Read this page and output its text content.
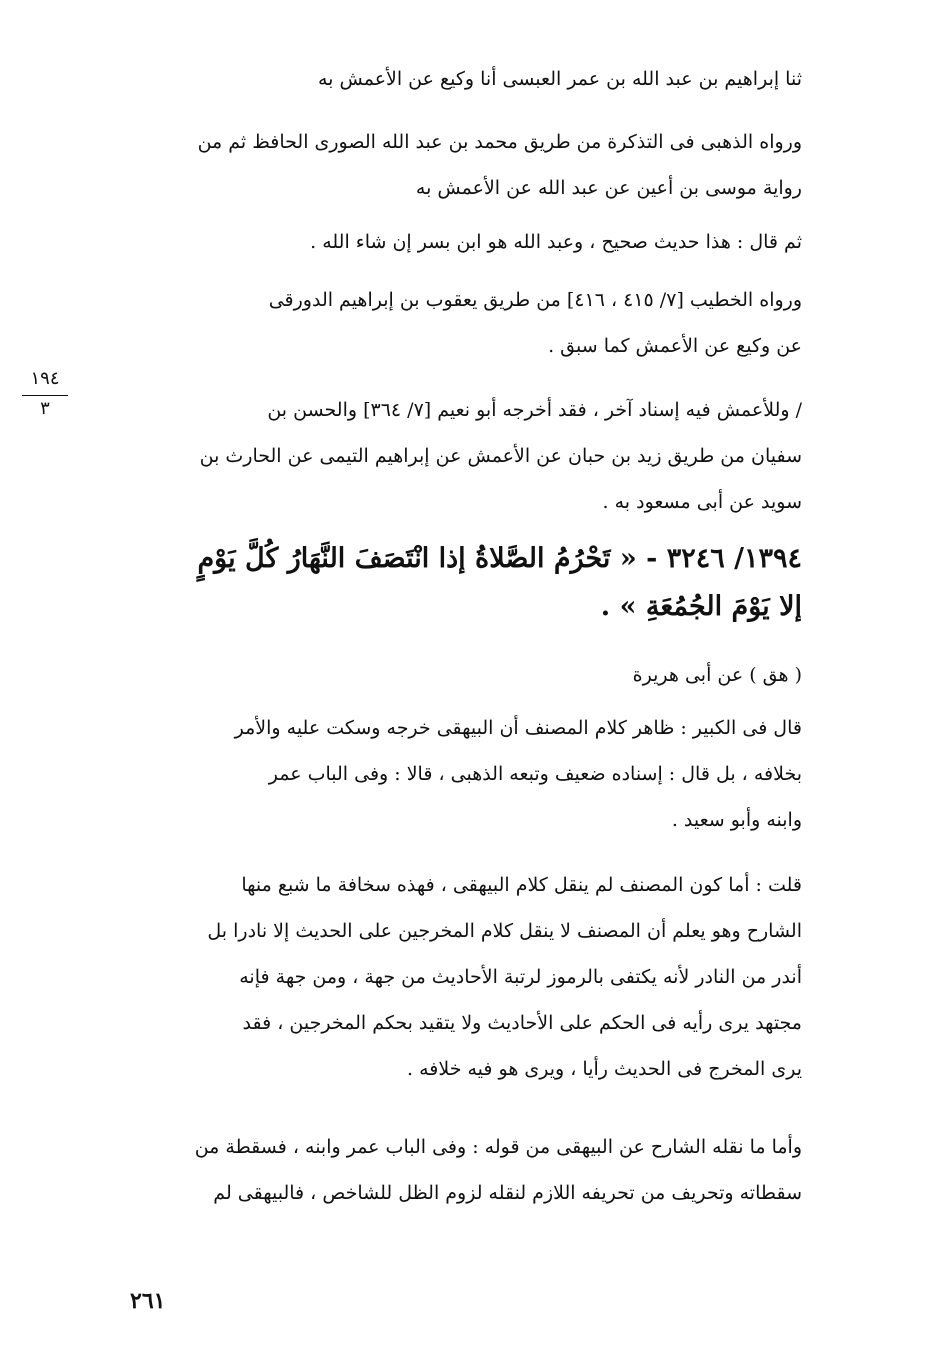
ثنا إبراهيم بن عبد الله بن عمر العبسى أنا وكيع عن الأعمش به
ورواه الذهبى فى التذكرة من طريق محمد بن عبد الله الصورى الحافظ ثم من
رواية موسى بن أعين عن عبد الله عن الأعمش به
ثم قال : هذا حديث صحيح ، وعبد الله هو ابن بسر إن شاء الله .
ورواه الخطيب [٧/ ٤١٥ ، ٤١٦] من طريق يعقوب بن إبراهيم الدورقى
عن وكيع عن الأعمش كما سبق .
١٩٤
٣	/ وللأعمش فيه إسناد آخر ، فقد أخرجه أبو نعيم [٧/ ٣٦٤] والحسن بن
سفيان من طريق زيد بن حبان عن الأعمش عن إبراهيم التيمى عن الحارث بن
سويد عن أبى مسعود به .
١٣٩٤/ ٣٢٤٦ - « تَحْرُمُ الصَّلاةُ إذا انْتَصَفَ النَّهَارُ كُلَّ يَوْمٍ
إلا يَوْمَ الجُمُعَةِ » .
( هق ) عن أبى هريرة
قال فى الكبير : ظاهر كلام المصنف أن البيهقى خرجه وسكت عليه والأمر
بخلافه ، بل قال : إسناده ضعيف وتبعه الذهبى ، قالا : وفى الباب عمر
وابنه وأبو سعيد .
قلت : أما كون المصنف لم ينقل كلام البيهقى ، فهذه سخافة ما شبع منها
الشارح وهو يعلم أن المصنف لا ينقل كلام المخرجين على الحديث إلا نادرا بل
أندر من النادر لأنه يكتفى بالرموز لرتبة الأحاديث من جهة ، ومن جهة فإنه
مجتهد يرى رأيه فى الحكم على الأحاديث ولا يتقيد بحكم المخرجين ، فقد
يرى المخرج فى الحديث رأيا ، ويرى هو فيه خلافه .
وأما ما نقله الشارح عن البيهقى من قوله : وفى الباب عمر وابنه ، فسقطة من
سقطاته وتحريف من تحريفه اللازم لنقله لزوم الظل للشاخص ، فالبيهقى لم
٢٦١
